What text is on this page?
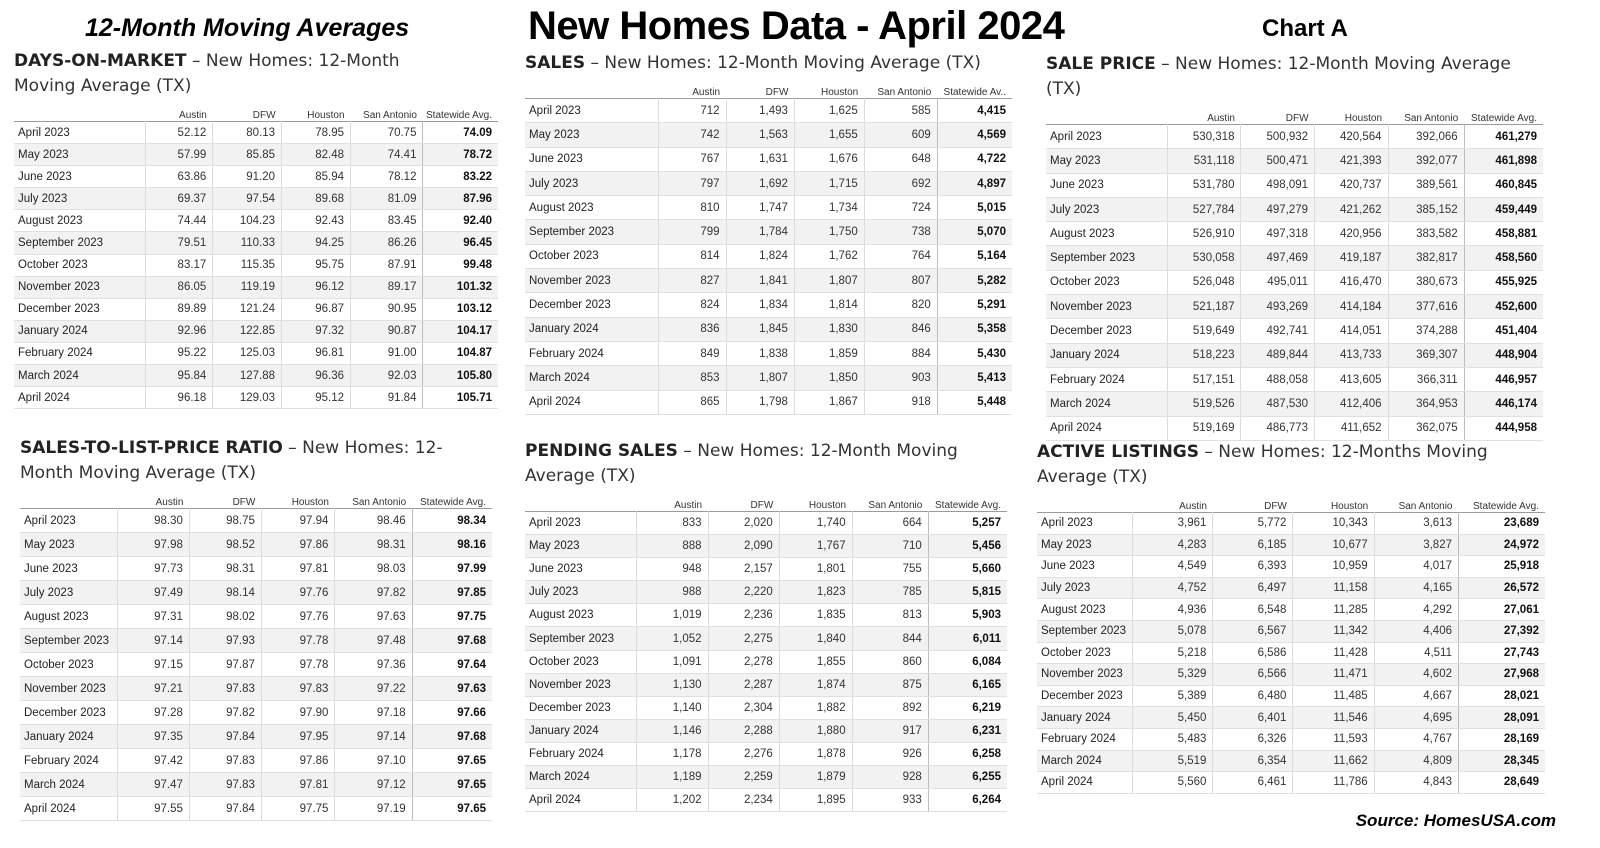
12-Month Moving Averages	New Homes Data - April 2024	Chart A
DAYS-ON-MARKET – New Homes: 12-Month Moving Average (TX)
	Austin	DFW	Houston	San Antonio	Statewide Avg.
April 2023	52.12	80.13	78.95	70.75	74.09
May 2023	57.99	85.85	82.48	74.41	78.72
June 2023	63.86	91.20	85.94	78.12	83.22
July 2023	69.37	97.54	89.68	81.09	87.96
August 2023	74.44	104.23	92.43	83.45	92.40
September 2023	79.51	110.33	94.25	86.26	96.45
October 2023	83.17	115.35	95.75	87.91	99.48
November 2023	86.05	119.19	96.12	89.17	101.32
December 2023	89.89	121.24	96.87	90.95	103.12
January 2024	92.96	122.85	97.32	90.87	104.17
February 2024	95.22	125.03	96.81	91.00	104.87
March 2024	95.84	127.88	96.36	92.03	105.80
April 2024	96.18	129.03	95.12	91.84	105.71
SALES – New Homes: 12-Month Moving Average (TX)
	Austin	DFW	Houston	San Antonio	Statewide Av..
April 2023	712	1,493	1,625	585	4,415
May 2023	742	1,563	1,655	609	4,569
June 2023	767	1,631	1,676	648	4,722
July 2023	797	1,692	1,715	692	4,897
August 2023	810	1,747	1,734	724	5,015
September 2023	799	1,784	1,750	738	5,070
October 2023	814	1,824	1,762	764	5,164
November 2023	827	1,841	1,807	807	5,282
December 2023	824	1,834	1,814	820	5,291
January 2024	836	1,845	1,830	846	5,358
February 2024	849	1,838	1,859	884	5,430
March 2024	853	1,807	1,850	903	5,413
April 2024	865	1,798	1,867	918	5,448
SALE PRICE – New Homes: 12-Month Moving Average (TX)
	Austin	DFW	Houston	San Antonio	Statewide Avg.
April 2023	530,318	500,932	420,564	392,066	461,279
May 2023	531,118	500,471	421,393	392,077	461,898
June 2023	531,780	498,091	420,737	389,561	460,845
July 2023	527,784	497,279	421,262	385,152	459,449
August 2023	526,910	497,318	420,956	383,582	458,881
September 2023	530,058	497,469	419,187	382,817	458,560
October 2023	526,048	495,011	416,470	380,673	455,925
November 2023	521,187	493,269	414,184	377,616	452,600
December 2023	519,649	492,741	414,051	374,288	451,404
January 2024	518,223	489,844	413,733	369,307	448,904
February 2024	517,151	488,058	413,605	366,311	446,957
March 2024	519,526	487,530	412,406	364,953	446,174
April 2024	519,169	486,773	411,652	362,075	444,958
SALES-TO-LIST-PRICE RATIO – New Homes: 12-Month Moving Average (TX)
	Austin	DFW	Houston	San Antonio	Statewide Avg.
April 2023	98.30	98.75	97.94	98.46	98.34
May 2023	97.98	98.52	97.86	98.31	98.16
June 2023	97.73	98.31	97.81	98.03	97.99
July 2023	97.49	98.14	97.76	97.82	97.85
August 2023	97.31	98.02	97.76	97.63	97.75
September 2023	97.14	97.93	97.78	97.48	97.68
October 2023	97.15	97.87	97.78	97.36	97.64
November 2023	97.21	97.83	97.83	97.22	97.63
December 2023	97.28	97.82	97.90	97.18	97.66
January 2024	97.35	97.84	97.95	97.14	97.68
February 2024	97.42	97.83	97.86	97.10	97.65
March 2024	97.47	97.83	97.81	97.12	97.65
April 2024	97.55	97.84	97.75	97.19	97.65
PENDING SALES – New Homes: 12-Month Moving Average (TX)
	Austin	DFW	Houston	San Antonio	Statewide Avg.
April 2023	833	2,020	1,740	664	5,257
May 2023	888	2,090	1,767	710	5,456
June 2023	948	2,157	1,801	755	5,660
July 2023	988	2,220	1,823	785	5,815
August 2023	1,019	2,236	1,835	813	5,903
September 2023	1,052	2,275	1,840	844	6,011
October 2023	1,091	2,278	1,855	860	6,084
November 2023	1,130	2,287	1,874	875	6,165
December 2023	1,140	2,304	1,882	892	6,219
January 2024	1,146	2,288	1,880	917	6,231
February 2024	1,178	2,276	1,878	926	6,258
March 2024	1,189	2,259	1,879	928	6,255
April 2024	1,202	2,234	1,895	933	6,264
ACTIVE LISTINGS – New Homes: 12-Months Moving Average (TX)
	Austin	DFW	Houston	San Antonio	Statewide Avg.
April 2023	3,961	5,772	10,343	3,613	23,689
May 2023	4,283	6,185	10,677	3,827	24,972
June 2023	4,549	6,393	10,959	4,017	25,918
July 2023	4,752	6,497	11,158	4,165	26,572
August 2023	4,936	6,548	11,285	4,292	27,061
September 2023	5,078	6,567	11,342	4,406	27,392
October 2023	5,218	6,586	11,428	4,511	27,743
November 2023	5,329	6,566	11,471	4,602	27,968
December 2023	5,389	6,480	11,485	4,667	28,021
January 2024	5,450	6,401	11,546	4,695	28,091
February 2024	5,483	6,326	11,593	4,767	28,169
March 2024	5,519	6,354	11,662	4,809	28,345
April 2024	5,560	6,461	11,786	4,843	28,649
Source: HomesUSA.com
